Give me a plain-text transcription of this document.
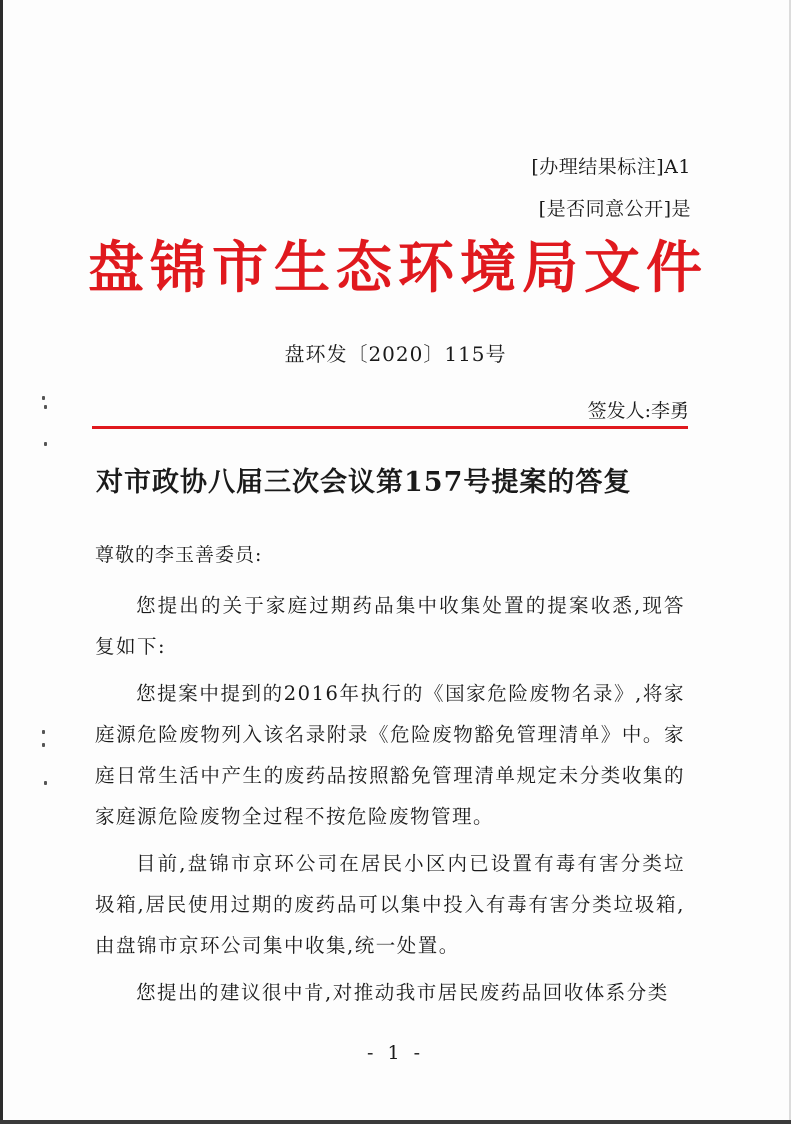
[办理结果标注]A1
[是否同意公开]是
盘锦市生态环境局文件
盘环发〔2020〕115号
签发人:李勇
对市政协八届三次会议第157号提案的答复
尊敬的李玉善委员:

您提出的关于家庭过期药品集中收集处置的提案收悉,现答复如下:

您提案中提到的2016年执行的《国家危险废物名录》,将家庭源危险废物列入该名录附录《危险废物豁免管理清单》中。家庭日常生活中产生的废药品按照豁免管理清单规定未分类收集的家庭源危险废物全过程不按危险废物管理。

目前,盘锦市京环公司在居民小区内已设置有毒有害分类垃圾箱,居民使用过期的废药品可以集中投入有毒有害分类垃圾箱,由盘锦市京环公司集中收集,统一处置。

您提出的建议很中肯,对推动我市居民废药品回收体系分类

- 1 -
